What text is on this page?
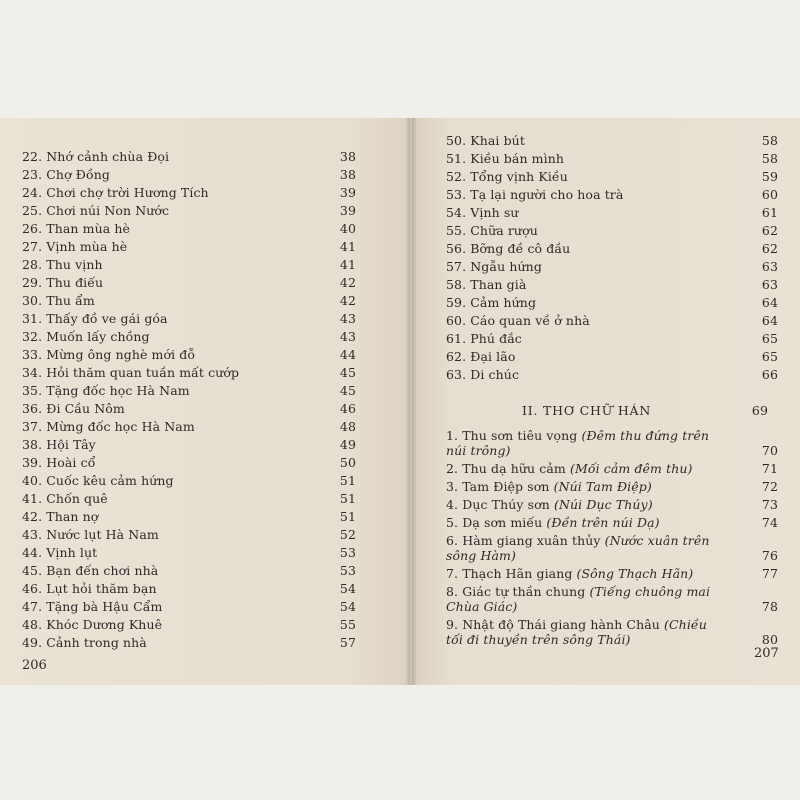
22. Nhớ cảnh chùa Đọi	38
23. Chợ Đồng	38
24. Chơi chợ trời Hương Tích	39
25. Chơi núi Non Nước	39
26. Than mùa hè	40
27. Vịnh mùa hè	41
28. Thu vịnh	41
29. Thu điếu	42
30. Thu ẩm	42
31. Thấy đồ ve gái góa	43
32. Muốn lấy chồng	43
33. Mừng ông nghè mới đỗ	44
34. Hỏi thăm quan tuần mất cướp	45
35. Tặng đốc học Hà Nam	45
36. Đi Cầu Nôm	46
37. Mừng đốc học Hà Nam	48
38. Hội Tây	49
39. Hoài cổ	50
40. Cuốc kêu cảm hứng	51
41. Chốn quê	51
42. Than nợ	51
43. Nước lụt Hà Nam	52
44. Vịnh lụt	53
45. Bạn đến chơi nhà	53
46. Lụt hỏi thăm bạn	54
47. Tặng bà Hậu Cẩm	54
48. Khóc Dương Khuê	55
49. Cảnh trong nhà	57
206
50. Khai bút	58
51. Kiều bán mình	58
52. Tổng vịnh Kiều	59
53. Tạ lại người cho hoa trà	60
54. Vịnh sư	61
55. Chữa rượu	62
56. Bỡng đề cô đầu	62
57. Ngẫu hứng	63
58. Than già	63
59. Cảm hứng	64
60. Cáo quan về ở nhà	64
61. Phú đắc	65
62. Đại lão	65
63. Di chúc	66
II. THƠ CHỮ HÁN	69
1. Thu sơn tiêu vọng (Đêm thu đứng trên
núi trông)	70
2. Thu dạ hữu cảm (Mối cảm đêm thu)	71
3. Tam Điệp sơn (Núi Tam Điệp)	72
4. Dục Thúy sơn (Núi Dục Thúy)	73
5. Dạ sơn miếu (Đền trên núi Dạ)	74
6. Hàm giang xuân thủy (Nước xuân trên
sông Hàm)	76
7. Thạch Hãn giang (Sông Thạch Hãn)	77
8. Giác tự thần chung (Tiếng chuông mai
Chùa Giác)	78
9. Nhật độ Thái giang hành Châu (Chiều
tối đi thuyền trên sông Thái)	80
207
